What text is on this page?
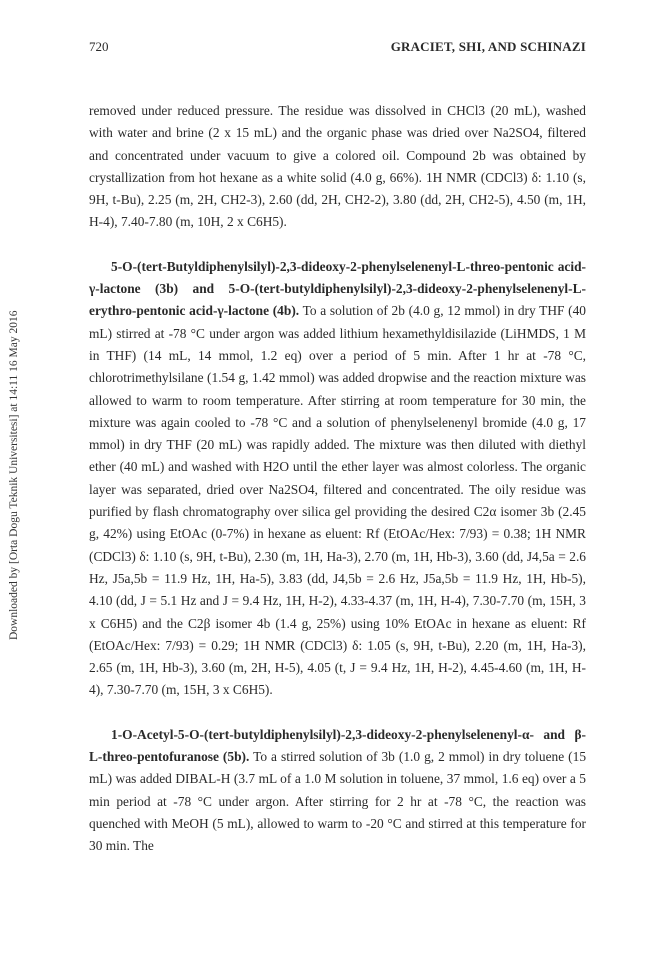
720	GRACIET, SHI, AND SCHINAZI
Downloaded by [Orta Dogu Teknik Universitesi] at 14:11 16 May 2016

removed under reduced pressure. The residue was dissolved in CHCl3 (20 mL), washed with water and brine (2 x 15 mL) and the organic phase was dried over Na2SO4, filtered and concentrated under vacuum to give a colored oil. Compound 2b was obtained by crystallization from hot hexane as a white solid (4.0 g, 66%). 1H NMR (CDCl3) δ: 1.10 (s, 9H, t-Bu), 2.25 (m, 2H, CH2-3), 2.60 (dd, 2H, CH2-2), 3.80 (dd, 2H, CH2-5), 4.50 (m, 1H, H-4), 7.40-7.80 (m, 10H, 2 x C6H5).

5-O-(tert-Butyldiphenylsilyl)-2,3-dideoxy-2-phenylselenenyl-L-threo-pentonic acid-γ-lactone (3b) and 5-O-(tert-butyldiphenylsilyl)-2,3-dideoxy-2-phenylselenenyl-L-erythro-pentonic acid-γ-lactone (4b). To a solution of 2b (4.0 g, 12 mmol) in dry THF (40 mL) stirred at -78 °C under argon was added lithium hexamethyldisilazide (LiHMDS, 1 M in THF) (14 mL, 14 mmol, 1.2 eq) over a period of 5 min. After 1 hr at -78 °C, chlorotrimethylsilane (1.54 g, 1.42 mmol) was added dropwise and the reaction mixture was allowed to warm to room temperature. After stirring at room temperature for 30 min, the mixture was again cooled to -78 °C and a solution of phenylselenenyl bromide (4.0 g, 17 mmol) in dry THF (20 mL) was rapidly added. The mixture was then diluted with diethyl ether (40 mL) and washed with H2O until the ether layer was almost colorless. The organic layer was separated, dried over Na2SO4, filtered and concentrated. The oily residue was purified by flash chromatography over silica gel providing the desired C2α isomer 3b (2.45 g, 42%) using EtOAc (0-7%) in hexane as eluent: Rf (EtOAc/Hex: 7/93) = 0.38; 1H NMR (CDCl3) δ: 1.10 (s, 9H, t-Bu), 2.30 (m, 1H, Ha-3), 2.70 (m, 1H, Hb-3), 3.60 (dd, J4,5a = 2.6 Hz, J5a,5b = 11.9 Hz, 1H, Ha-5), 3.83 (dd, J4,5b = 2.6 Hz, J5a,5b = 11.9 Hz, 1H, Hb-5), 4.10 (dd, J = 5.1 Hz and J = 9.4 Hz, 1H, H-2), 4.33-4.37 (m, 1H, H-4), 7.30-7.70 (m, 15H, 3 x C6H5) and the C2β isomer 4b (1.4 g, 25%) using 10% EtOAc in hexane as eluent: Rf (EtOAc/Hex: 7/93) = 0.29; 1H NMR (CDCl3) δ: 1.05 (s, 9H, t-Bu), 2.20 (m, 1H, Ha-3), 2.65 (m, 1H, Hb-3), 3.60 (m, 2H, H-5), 4.05 (t, J = 9.4 Hz, 1H, H-2), 4.45-4.60 (m, 1H, H-4), 7.30-7.70 (m, 15H, 3 x C6H5).

1-O-Acetyl-5-O-(tert-butyldiphenylsilyl)-2,3-dideoxy-2-phenylselenenyl-α- and β-L-threo-pentofuranose (5b). To a stirred solution of 3b (1.0 g, 2 mmol) in dry toluene (15 mL) was added DIBAL-H (3.7 mL of a 1.0 M solution in toluene, 37 mmol, 1.6 eq) over a 5 min period at -78 °C under argon. After stirring for 2 hr at -78 °C, the reaction was quenched with MeOH (5 mL), allowed to warm to -20 °C and stirred at this temperature for 30 min. The
